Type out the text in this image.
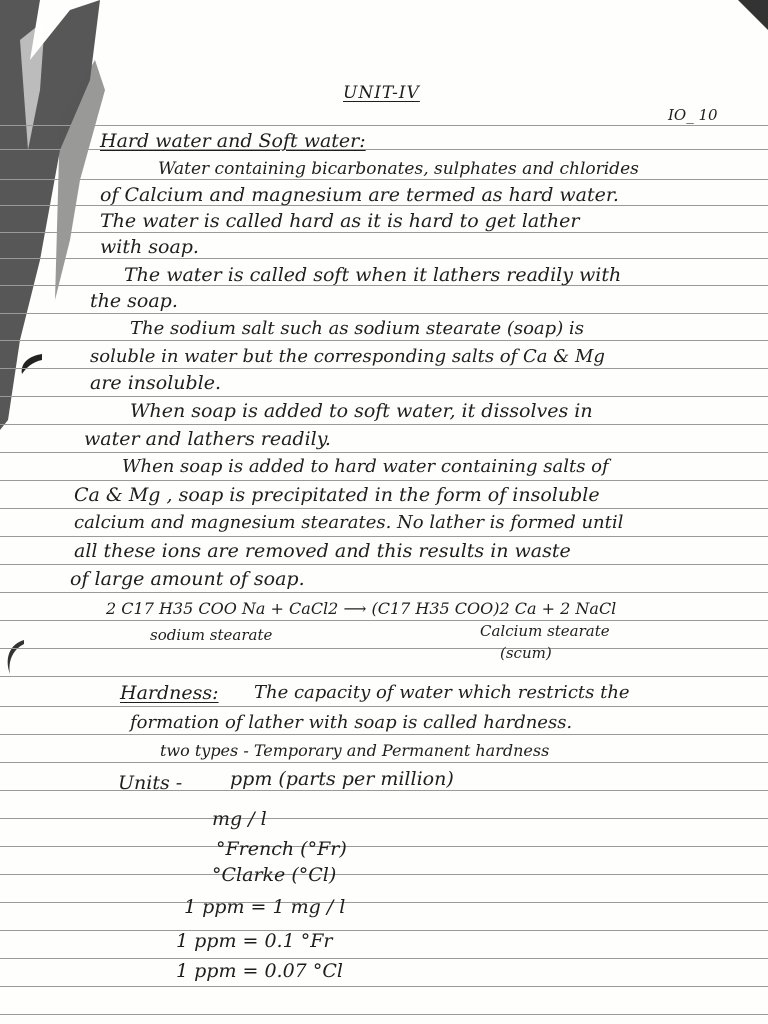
UNIT-IV
IO_ 10
Hard water and Soft water:
Water containing bicarbonates, sulphates and chlorides
of Calcium and magnesium are termed as hard water.
The water is called hard as it is hard to get lather
with soap.
The water is called soft when it lathers readily with
the soap.
The sodium salt such as sodium stearate (soap) is
soluble in water but the corresponding salts of Ca & Mg
are insoluble.
When soap is added to soft water, it dissolves in
water and lathers readily.
When soap is added to hard water containing salts of
Ca & Mg , soap is precipitated in the form of insoluble
calcium and magnesium stearates. No lather is formed until
all these ions are removed and this results in waste
of large amount of soap.
2 C17 H35 COO Na + CaCl2 ⟶ (C17 H35 COO)2 Ca + 2 NaCl
sodium stearate	Calcium stearate
(scum)
Hardness: The capacity of water which restricts the
formation of lather with soap is called hardness.
two types - Temporary and Permanent hardness
Units -	ppm (parts per million)
mg / l
°French (°Fr)
°Clarke (°Cl)
1 ppm = 1 mg / l
1 ppm = 0.1 °Fr
1 ppm = 0.07 °Cl
